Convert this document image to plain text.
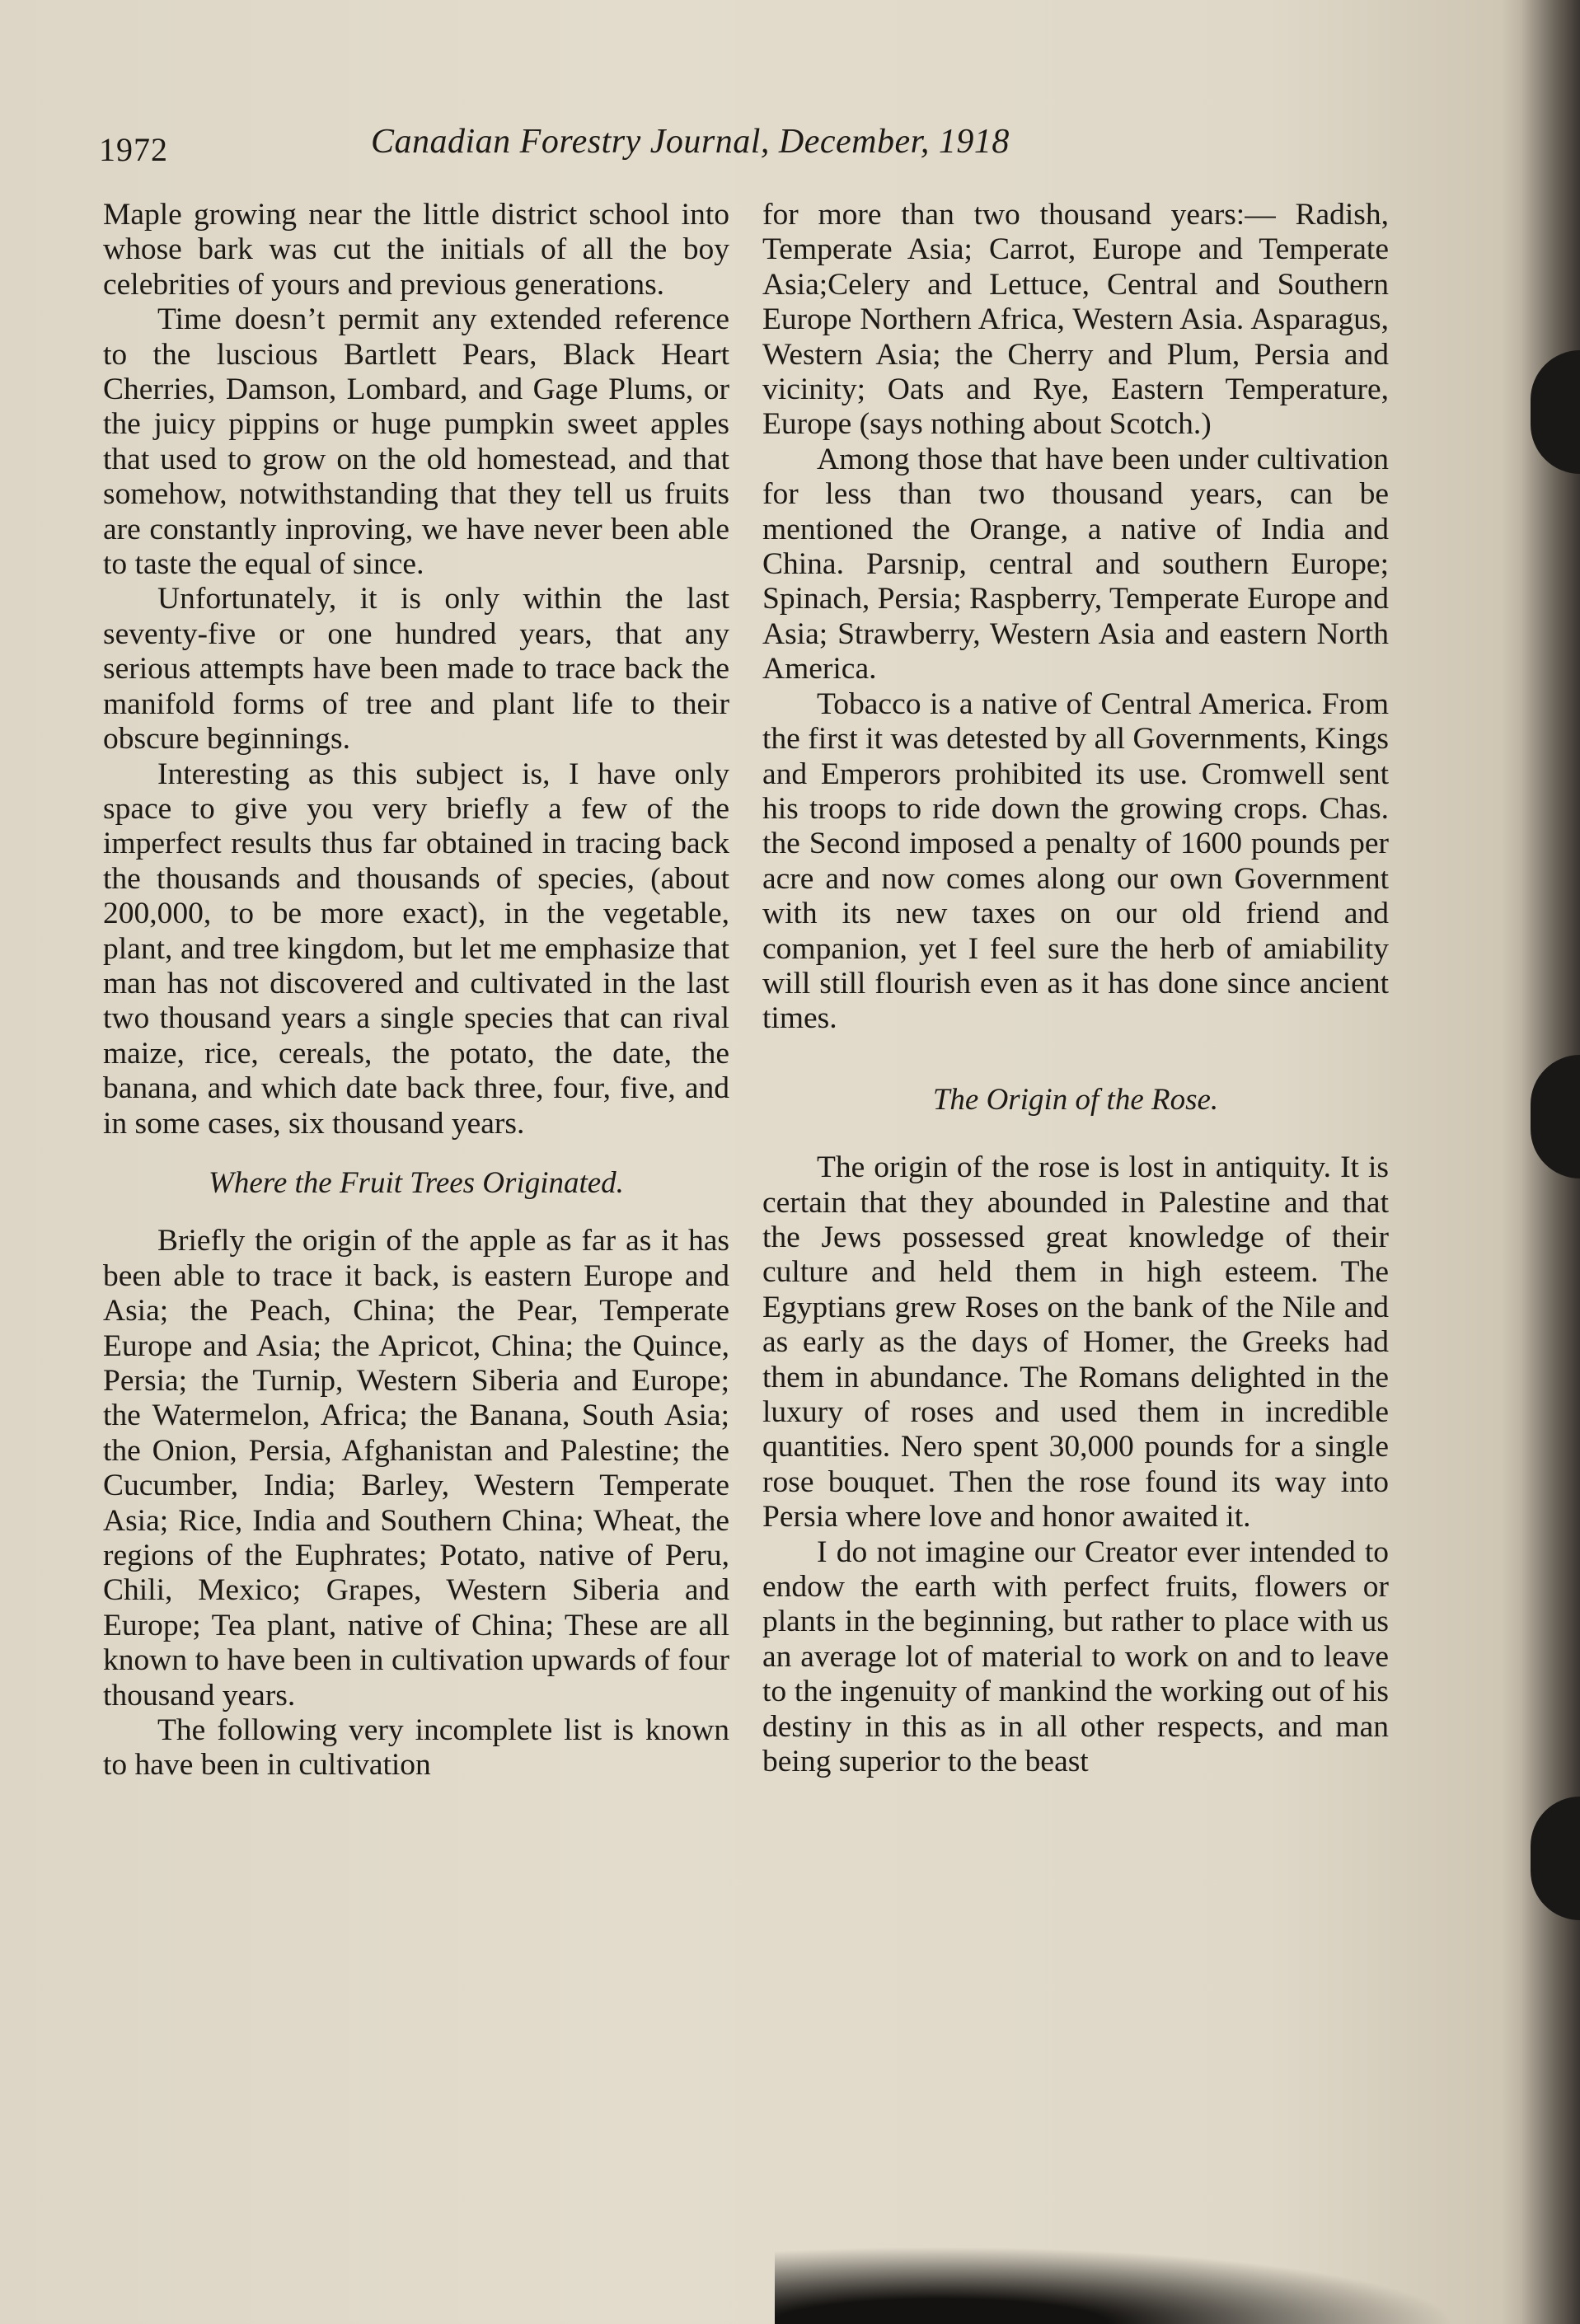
1972	Canadian Forestry Journal, December, 1918

Maple growing near the little district school into whose bark was cut the initials of all the boy celebrities of yours and previous generations.

Time doesn’t permit any extended reference to the luscious Bartlett Pears, Black Heart Cherries, Damson, Lombard, and Gage Plums, or the juicy pippins or huge pumpkin sweet apples that used to grow on the old homestead, and that somehow, notwithstanding that they tell us fruits are constantly inproving, we have never been able to taste the equal of since.

Unfortunately, it is only within the last seventy-five or one hundred years, that any serious attempts have been made to trace back the manifold forms of tree and plant life to their obscure beginnings.

Interesting as this subject is, I have only space to give you very briefly a few of the imperfect results thus far obtained in tracing back the thousands and thousands of species, (about 200,000, to be more exact), in the vegetable, plant, and tree kingdom, but let me emphasize that man has not discovered and cultivated in the last two thousand years a single species that can rival maize, rice, cereals, the potato, the date, the banana, and which date back three, four, five, and in some cases, six thousand years.

Where the Fruit Trees Originated.

Briefly the origin of the apple as far as it has been able to trace it back, is eastern Europe and Asia; the Peach, China; the Pear, Temperate Europe and Asia; the Apricot, China; the Quince, Persia; the Turnip, Western Siberia and Europe; the Watermelon, Africa; the Banana, South Asia; the Onion, Persia, Afghanistan and Palestine; the Cucumber, India; Barley, Western Temperate Asia; Rice, India and Southern China; Wheat, the regions of the Euphrates; Potato, native of Peru, Chili, Mexico; Grapes, Western Siberia and Europe; Tea plant, native of China; These are all known to have been in cultivation upwards of four thousand years.

The following very incomplete list is known to have been in cultivation

for more than two thousand years:— Radish, Temperate Asia; Carrot, Europe and Temperate Asia;Celery and Lettuce, Central and Southern Europe Northern Africa, Western Asia. Asparagus, Western Asia; the Cherry and Plum, Persia and vicinity; Oats and Rye, Eastern Temperature, Europe (says nothing about Scotch.)

Among those that have been under cultivation for less than two thousand years, can be mentioned the Orange, a native of India and China. Parsnip, central and southern Europe; Spinach, Persia; Raspberry, Temperate Europe and Asia; Strawberry, Western Asia and eastern North America.

Tobacco is a native of Central America. From the first it was detested by all Governments, Kings and Emperors prohibited its use. Cromwell sent his troops to ride down the growing crops. Chas. the Second imposed a penalty of 1600 pounds per acre and now comes along our own Government with its new taxes on our old friend and companion, yet I feel sure the herb of amiability will still flourish even as it has done since ancient times.

The Origin of the Rose.

The origin of the rose is lost in antiquity. It is certain that they abounded in Palestine and that the Jews possessed great knowledge of their culture and held them in high esteem. The Egyptians grew Roses on the bank of the Nile and as early as the days of Homer, the Greeks had them in abundance. The Romans delighted in the luxury of roses and used them in incredible quantities. Nero spent 30,000 pounds for a single rose bouquet. Then the rose found its way into Persia where love and honor awaited it.

I do not imagine our Creator ever intended to endow the earth with perfect fruits, flowers or plants in the beginning, but rather to place with us an average lot of material to work on and to leave to the ingenuity of mankind the working out of his destiny in this as in all other respects, and man being superior to the beast
